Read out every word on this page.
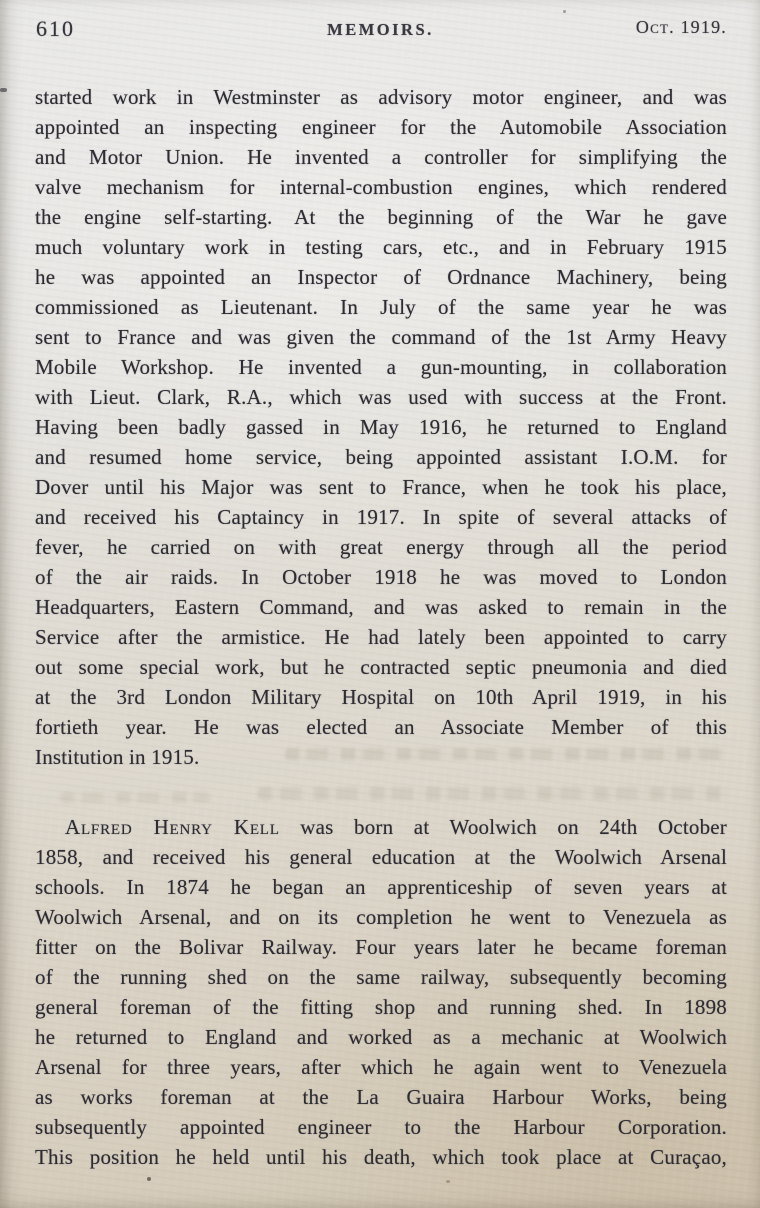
610	MEMOIRS.	Oct. 1919.
started work in Westminster as advisory motor engineer, and was
appointed an inspecting engineer for the Automobile Association
and Motor Union. He invented a controller for simplifying the
valve mechanism for internal-combustion engines, which rendered
the engine self-starting. At the beginning of the War he gave
much voluntary work in testing cars, etc., and in February 1915
he was appointed an Inspector of Ordnance Machinery, being
commissioned as Lieutenant. In July of the same year he was
sent to France and was given the command of the 1st Army Heavy
Mobile Workshop. He invented a gun-mounting, in collaboration
with Lieut. Clark, R.A., which was used with success at the Front.
Having been badly gassed in May 1916, he returned to England
and resumed home service, being appointed assistant I.O.M. for
Dover until his Major was sent to France, when he took his place,
and received his Captaincy in 1917. In spite of several attacks of
fever, he carried on with great energy through all the period
of the air raids. In October 1918 he was moved to London
Headquarters, Eastern Command, and was asked to remain in the
Service after the armistice. He had lately been appointed to carry
out some special work, but he contracted septic pneumonia and died
at the 3rd London Military Hospital on 10th April 1919, in his
fortieth year. He was elected an Associate Member of this
Institution in 1915.
Alfred Henry Kell was born at Woolwich on 24th October
1858, and received his general education at the Woolwich Arsenal
schools. In 1874 he began an apprenticeship of seven years at
Woolwich Arsenal, and on its completion he went to Venezuela as
fitter on the Bolivar Railway. Four years later he became foreman
of the running shed on the same railway, subsequently becoming
general foreman of the fitting shop and running shed. In 1898
he returned to England and worked as a mechanic at Woolwich
Arsenal for three years, after which he again went to Venezuela
as works foreman at the La Guaira Harbour Works, being
subsequently appointed engineer to the Harbour Corporation.
This position he held until his death, which took place at Curaçao,
